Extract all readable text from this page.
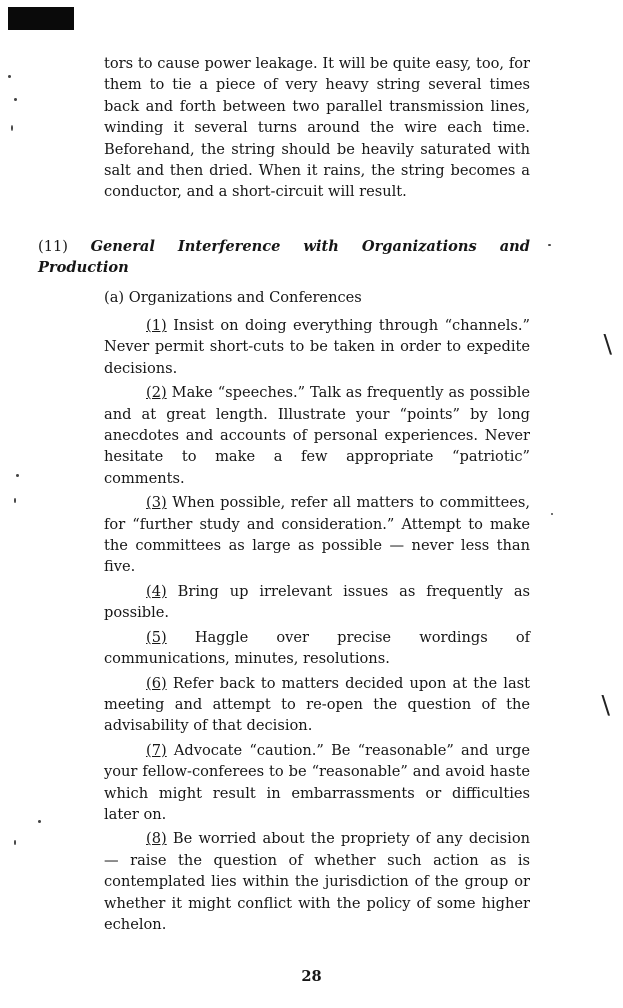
tors to cause power leakage. It will be quite easy, too, for them to tie a piece of very heavy string several times back and forth between two parallel transmission lines, winding it several turns around the wire each time. Beforehand, the string should be heavily saturated with salt and then dried. When it rains, the string becomes a conductor, and a short-circuit will result.

(11) General Interference with Organizations and Production
(a) Organizations and Conferences

(1) Insist on doing everything through “channels.” Never permit short-cuts to be taken in order to expedite decisions.

(2) Make “speeches.” Talk as frequently as possible and at great length. Illustrate your “points” by long anecdotes and accounts of personal experiences. Never hesitate to make a few appropriate “patriotic” comments.

(3) When possible, refer all matters to committees, for “further study and consideration.” Attempt to make the committees as large as possible — never less than five.

(4) Bring up irrelevant issues as frequently as possible.

(5) Haggle over precise wordings of communications, minutes, resolutions.

(6) Refer back to matters decided upon at the last meeting and attempt to re-open the question of the advisability of that decision.

(7) Advocate “caution.” Be “reasonable” and urge your fellow-conferees to be “reasonable” and avoid haste which might result in embarrassments or difficulties later on.

(8) Be worried about the propriety of any decision — raise the question of whether such action as is contemplated lies within the jurisdiction of the group or whether it might conflict with the policy of some higher echelon.

28
⧹
⧹
